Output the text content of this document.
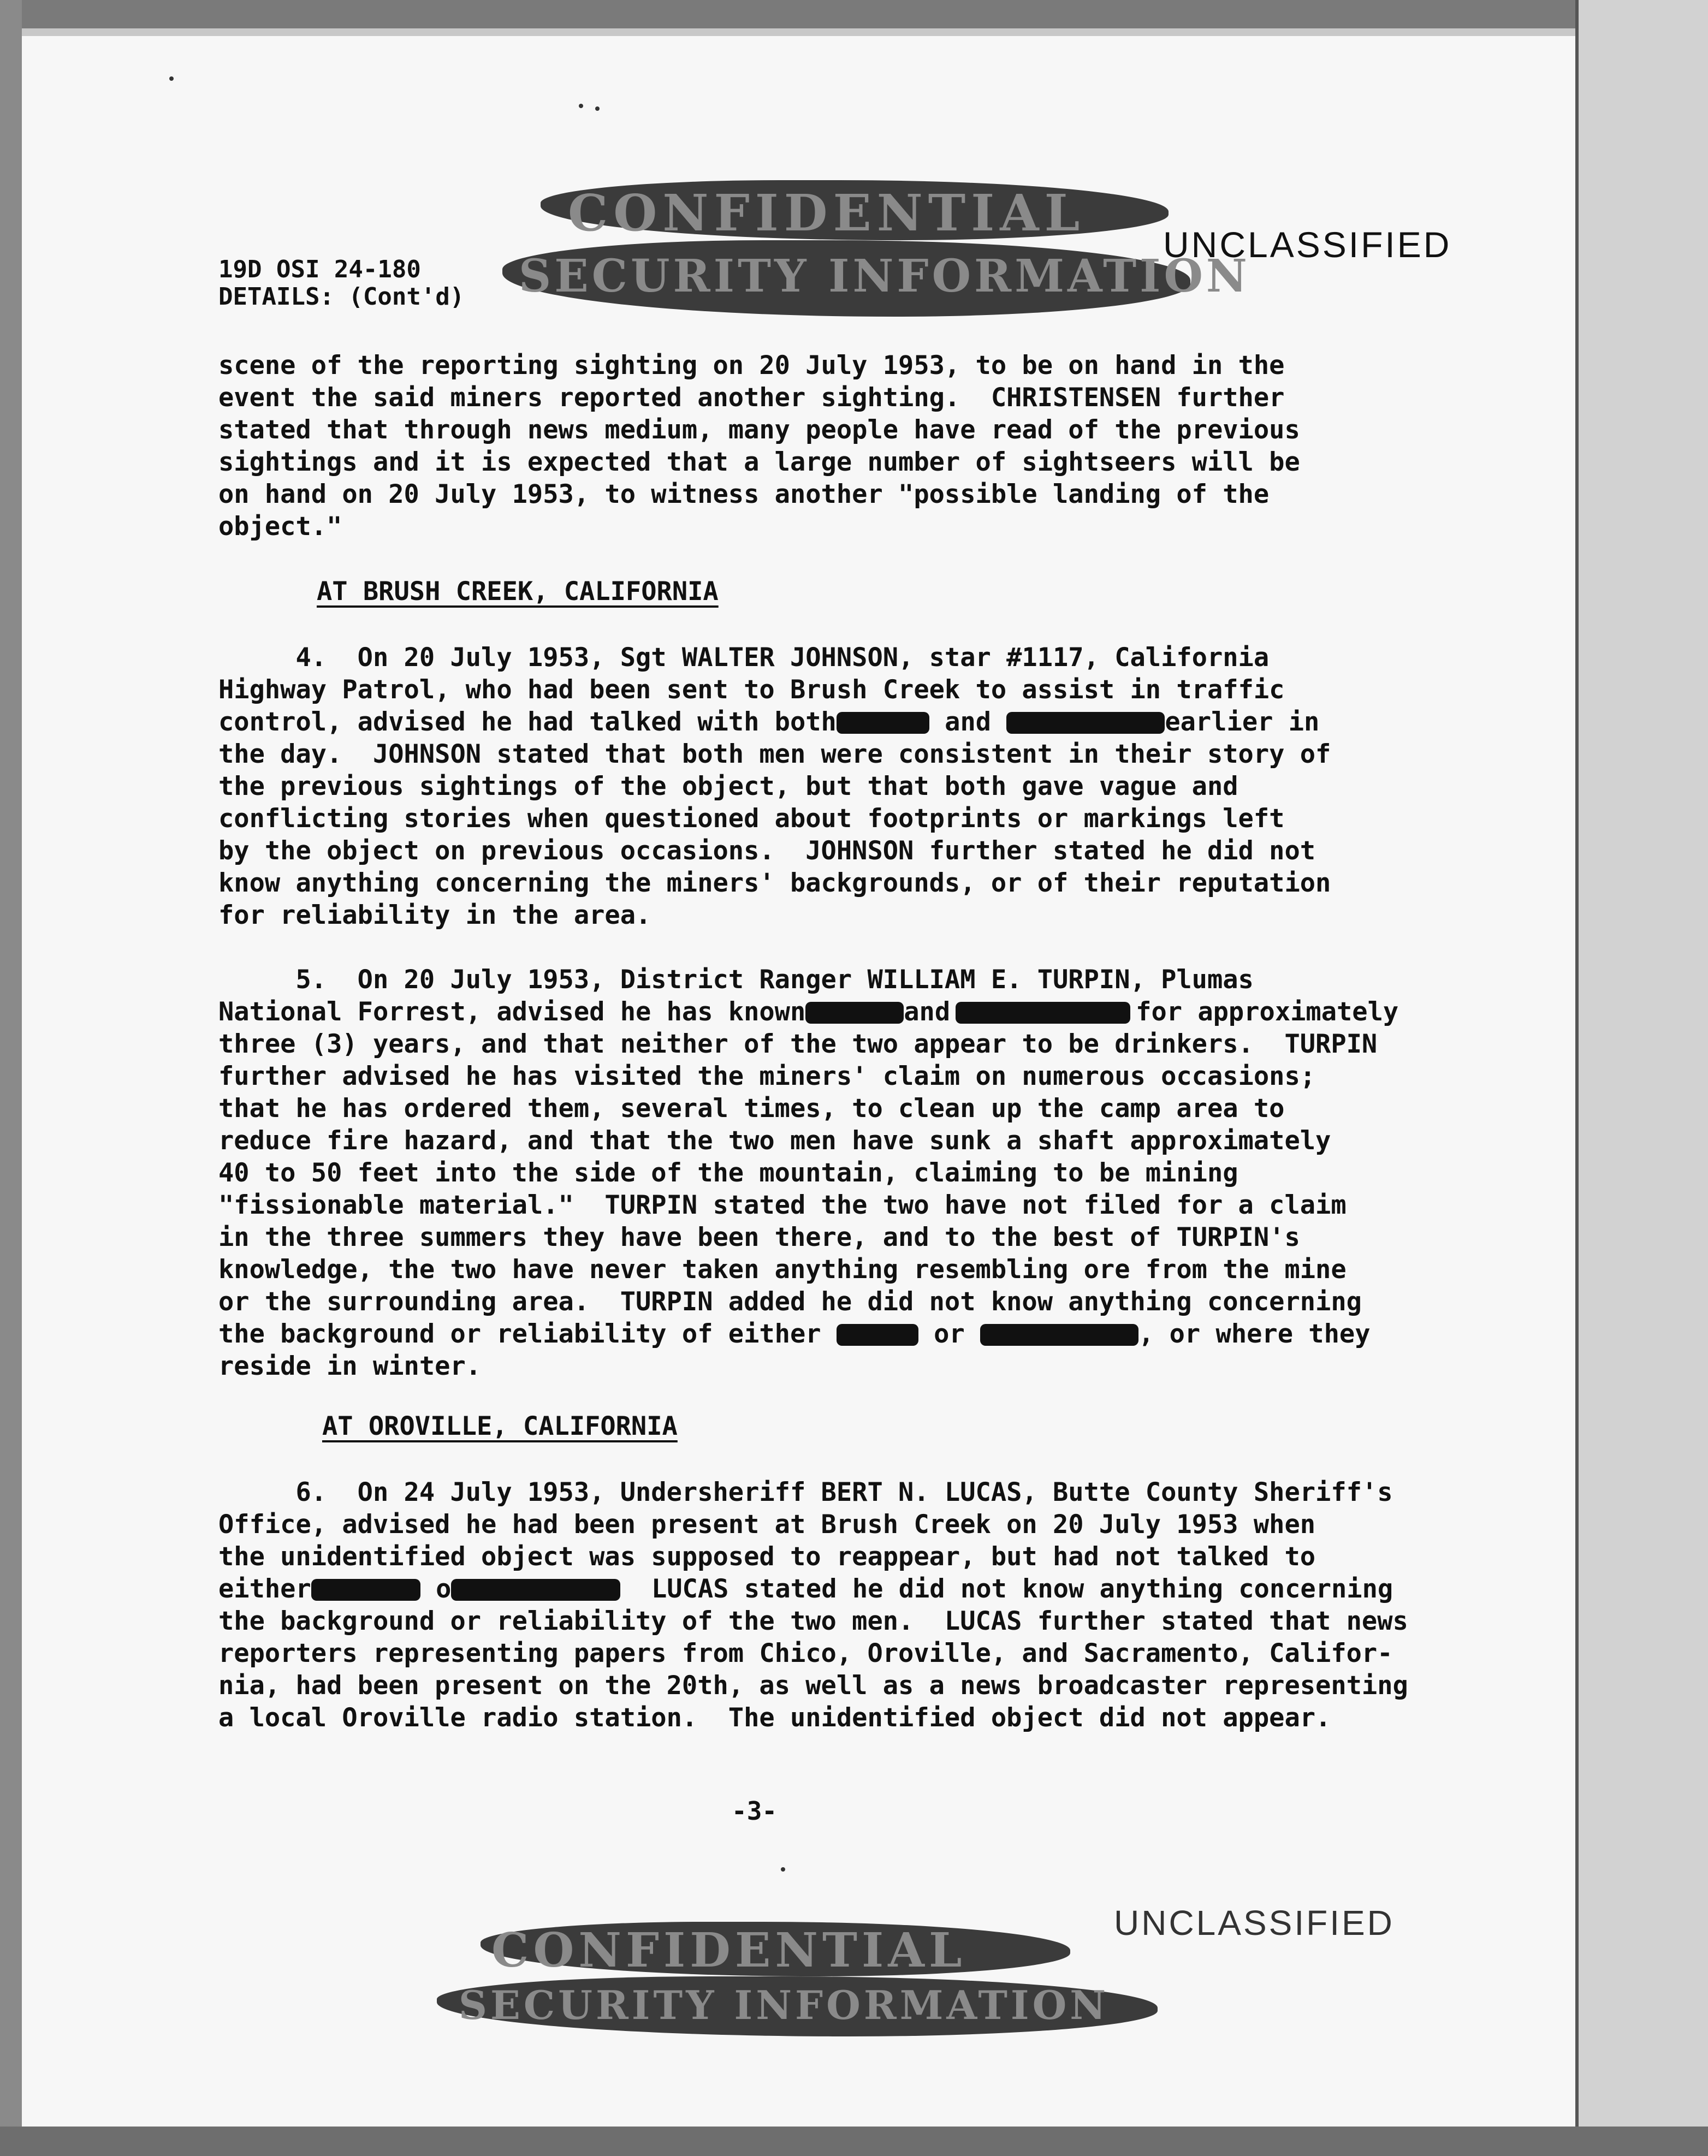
CONFIDENTIAL
SECURITY INFORMATION
UNCLASSIFIED
19D OSI 24-180
DETAILS: (Cont'd)
scene of the reporting sighting on 20 July 1953, to be on hand in the
event the said miners reported another sighting.  CHRISTENSEN further
stated that through news medium, many people have read of the previous
sightings and it is expected that a large number of sightseers will be
on hand on 20 July 1953, to witness another "possible landing of the
object."
AT BRUSH CREEK, CALIFORNIA
4.  On 20 July 1953, Sgt WALTER JOHNSON, star #1117, California
Highway Patrol, who had been sent to Brush Creek to assist in traffic
control, advised he had talked with both	and	earlier in
the day.  JOHNSON stated that both men were consistent in their story of
the previous sightings of the object, but that both gave vague and
conflicting stories when questioned about footprints or markings left
by the object on previous occasions.  JOHNSON further stated he did not
know anything concerning the miners' backgrounds, or of their reputation
for reliability in the area.
5.  On 20 July 1953, District Ranger WILLIAM E. TURPIN, Plumas
National Forrest, advised he has known	and	for approximately
three (3) years, and that neither of the two appear to be drinkers.  TURPIN
further advised he has visited the miners' claim on numerous occasions;
that he has ordered them, several times, to clean up the camp area to
reduce fire hazard, and that the two men have sunk a shaft approximately
40 to 50 feet into the side of the mountain, claiming to be mining
"fissionable material."  TURPIN stated the two have not filed for a claim
in the three summers they have been there, and to the best of TURPIN's
knowledge, the two have never taken anything resembling ore from the mine
or the surrounding area.  TURPIN added he did not know anything concerning
the background or reliability of either	or	, or where they
reside in winter.
AT OROVILLE, CALIFORNIA
6.  On 24 July 1953, Undersheriff BERT N. LUCAS, Butte County Sheriff's
Office, advised he had been present at Brush Creek on 20 July 1953 when
the unidentified object was supposed to reappear, but had not talked to
either	o	LUCAS stated he did not know anything concerning
the background or reliability of the two men.  LUCAS further stated that news
reporters representing papers from Chico, Oroville, and Sacramento, Califor-
nia, had been present on the 20th, as well as a news broadcaster representing
a local Oroville radio station.  The unidentified object did not appear.
-3-
CONFIDENTIAL
SECURITY INFORMATION
UNCLASSIFIED
